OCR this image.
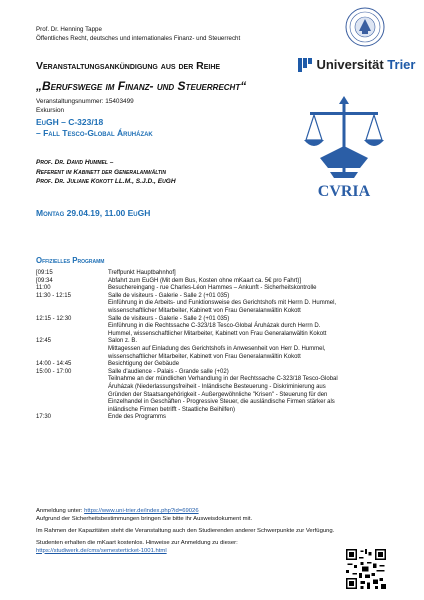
Prof. Dr. Henning Tappe
Öffentliches Recht, deutsches und internationales Finanz- und Steuerrecht
Universität Trier
Veranstaltungsankündigung aus der Reihe
„Berufswege im Finanz- und Steuerrecht“
Veranstaltungsnummer: 15403499
Exkursion
EuGH – C-323/18
– Fall Tesco-Global Áruházak
Prof. Dr. David Hummel –
Referent im Kabinett der Generalanwältin
Prof. Dr. Juliane Kokott LL.M., S.J.D., EuGH
Montag 29.04.19, 11.00 EuGH
CVRIA
Offizielles Programm
[09:15	Treffpunkt Hauptbahnhof]
[09:34	Abfahrt zum EuGH (Mit dem Bus, Kosten ohne mKaart ca. 5€ pro Fahrt)]
11:00	Besuchereingang - rue Charles-Léon Hammes – Ankunft - Sicherheitskontrolle
11:30 - 12:15	Salle de visiteurs - Galerie - Salle 2 (+01 035)
Einführung in die Arbeits- und Funktionsweise des Gerichtshofs mit Herrn D. Hummel,
wissenschaftlicher Mitarbeiter, Kabinett von Frau Generalanwältin Kokott
12:15 - 12:30	Salle de visiteurs - Galerie - Salle 2 (+01 035)
Einführung in die Rechtssache C-323/18 Tesco-Global Áruházak durch Herrn D.
Hummel, wissenschaftlicher Mitarbeiter, Kabinett von Frau Generalanwältin Kokott
12:45	Salon z. B.
Mittagessen auf Einladung des Gerichtshofs in Anwesenheit von Herr D. Hummel,
wissenschaftlicher Mitarbeiter, Kabinett von Frau Generalanwältin Kokott
14:00 - 14:45	Besichtigung der Gebäude
15:00 - 17:00	Salle d'audience - Palais - Grande salle (+02)
Teilnahme an der mündlichen Verhandlung in der Rechtssache C-323/18 Tesco-Global
Áruházak (Niederlassungsfreiheit - Inländische Besteuerung - Diskriminierung aus
Gründen der Staatsangehörigkeit - Außergewöhnliche "Krisen" - Steuerung für den
Einzelhandel in Geschäften - Progressive Steuer, die ausländische Firmen stärker als
inländische Firmen betrifft - Staatliche Beihilfen)
17:30	Ende des Programms

Anmeldung unter: https://www.uni-trier.de/index.php?id=69026
Aufgrund der Sicherheitsbestimmungen bringen Sie bitte ihr Ausweisdokument mit.

Im Rahmen der Kapazitäten steht die Veranstaltung auch den Studierenden anderer Schwerpunkte zur Verfügung.

Studenten erhalten die mKaart kostenlos. Hinweise zur Anmeldung zu dieser:
https://studiwerk.de/cms/semesterticket-1001.html
